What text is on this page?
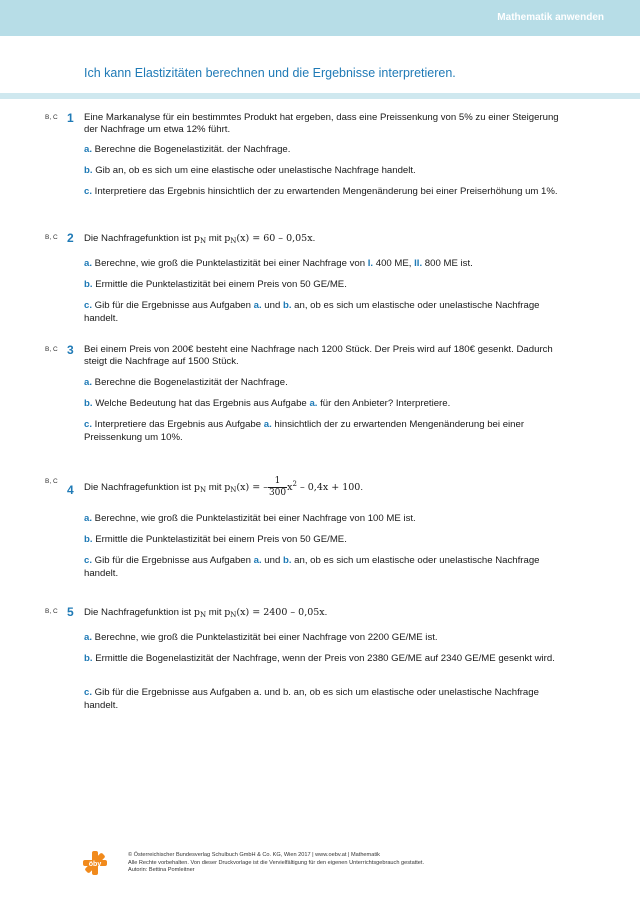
Mathematik anwenden
Ich kann Elastizitäten berechnen und die Ergebnisse interpretieren.
B, C 1 Eine Markanalyse für ein bestimmtes Produkt hat ergeben, dass eine Preissenkung von 5% zu einer Steigerung der Nachfrage um etwa 12% führt.
a. Berechne die Bogenelastizität. der Nachfrage.
b. Gib an, ob es sich um eine elastische oder unelastische Nachfrage handelt.
c. Interpretiere das Ergebnis hinsichtlich der zu erwartenden Mengenänderung bei einer Preiserhöhung um 1%.
B, C 2 Die Nachfragefunktion ist $p_N$ mit $p_N(x) = 60 - 0,05x$.
a. Berechne, wie groß die Punktelastizität bei einer Nachfrage von I. 400 ME, II. 800 ME ist.
b. Ermittle die Punktelastizität bei einem Preis von 50 GE/ME.
c. Gib für die Ergebnisse aus Aufgaben a. und b. an, ob es sich um elastische oder unelastische Nachfrage handelt.
B, C 3 Bei einem Preis von 200€ besteht eine Nachfrage nach 1200 Stück. Der Preis wird auf 180€ gesenkt. Dadurch steigt die Nachfrage auf 1500 Stück.
a. Berechne die Bogenelastizität der Nachfrage.
b. Welche Bedeutung hat das Ergebnis aus Aufgabe a. für den Anbieter? Interpretiere.
c. Interpretiere das Ergebnis aus Aufgabe a. hinsichtlich der zu erwartenden Mengenänderung bei einer Preissenkung um 10%.
B, C
4 Die Nachfragefunktion ist $p_N$ mit $p_N(x)$ = – $\frac{1}{300} x^2 - 0,4x + 100$.
a. Berechne, wie groß die Punktelastizität bei einer Nachfrage von 100 ME ist.
b. Ermittle die Punktelastizität bei einem Preis von 50 GE/ME.
c. Gib für die Ergebnisse aus Aufgaben a. und b. an, ob es sich um elastische oder unelastische Nachfrage handelt.
B, C 5 Die Nachfragefunktion ist $p_N$ mit $p_N(x) = 2400 - 0,05x$.
a. Berechne, wie groß die Punktelastizität bei einer Nachfrage von 2200 GE/ME ist.
b. Ermittle die Bogenelastizität der Nachfrage, wenn der Preis von 2380 GE/ME auf 2340 GE/ME gesenkt wird.
c. Gib für die Ergebnisse aus Aufgaben a. und b. an, ob es sich um elastische oder unelastische Nachfrage handelt.
öbv
© Österreichischer Bundesverlag Schulbuch GmbH & Co. KG, Wien 2017 | www.oebv.at | Mathematik
Alle Rechte vorbehalten. Von dieser Druckvorlage ist die Vervielfältigung für den eigenen Unterrichtsgebrauch gestattet.
Autorin: Bettina Pomleitner
